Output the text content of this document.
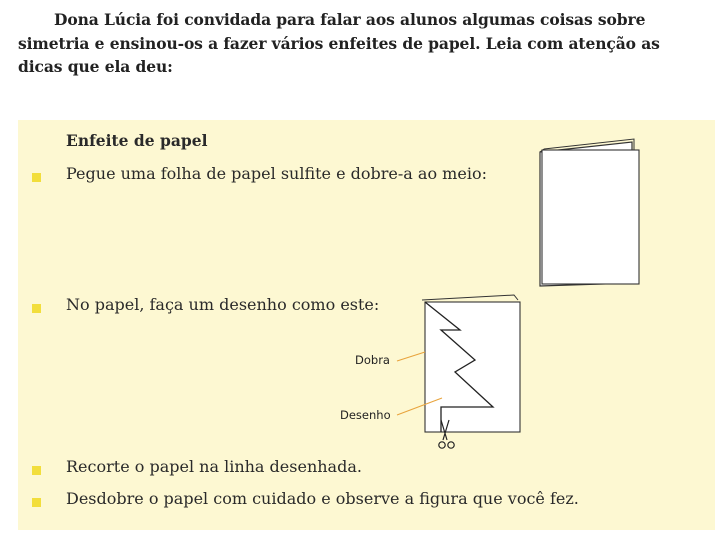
Dona Lúcia foi convidada para falar aos alunos algumas coisas sobre simetria e ensinou-os a fazer vários enfeites de papel. Leia com atenção as dicas que ela deu:
Enfeite de papel
Pegue uma folha de papel sulfite e dobre-a ao meio:
No papel, faça um desenho como este:
Recorte o papel na linha desenhada.
Desdobre o papel com cuidado e observe a figura que você fez.
Dobra
Desenho
